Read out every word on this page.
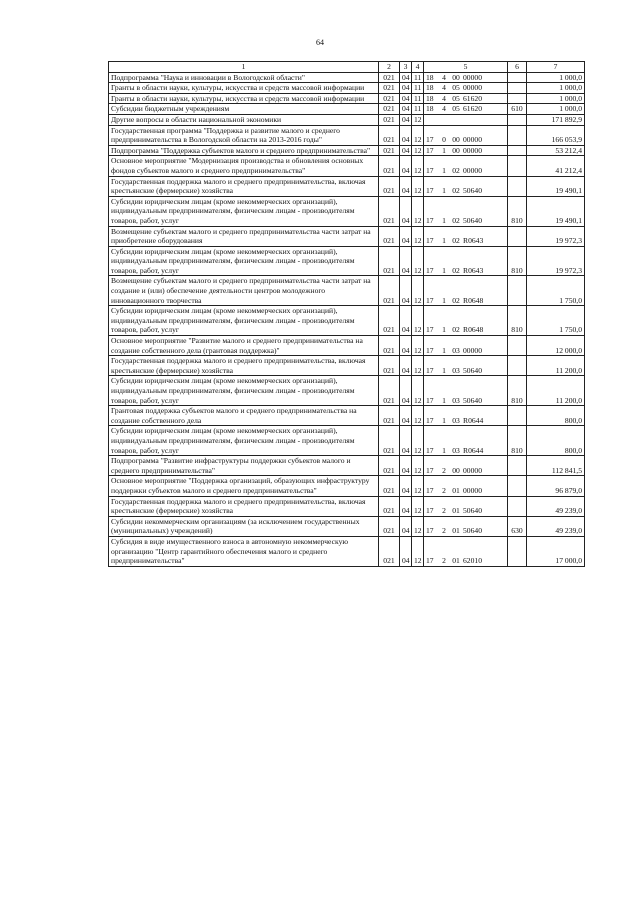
64
1	2	3	4	5	6	7
Подпрограмма "Наука и инновации в Вологодской области"	021	04	11	18 4 00 00000		1 000,0
Гранты в области науки, культуры, искусства и средств массовой информации	021	04	11	18 4 05 00000		1 000,0
Гранты в области науки, культуры, искусства и средств массовой информации	021	04	11	18 4 05 61620		1 000,0
Субсидии бюджетным учреждениям	021	04	11	18 4 05 61620	610	1 000,0
Другие вопросы в области национальной экономики	021	04	12			171 892,9
Государственная программа "Поддержка и развитие малого и среднего предпринимательства в Вологодской области на 2013-2016 годы"	021	04	12	17 0 00 00000		166 053,9
Подпрограмма "Поддержка субъектов малого и среднего предпринимательства"	021	04	12	17 1 00 00000		53 212,4
Основное мероприятие "Модернизация производства и обновления основных фондов субъектов малого и среднего предпринимательства"	021	04	12	17 1 02 00000		41 212,4
Государственная поддержка малого и среднего предпринимательства, включая крестьянские (фермерские) хозяйства	021	04	12	17 1 02 50640		19 490,1
Субсидии юридическим лицам (кроме некоммерческих организаций), индивидуальным предпринимателям, физическим лицам - производителям товаров, работ, услуг	021	04	12	17 1 02 50640	810	19 490,1
Возмещение субъектам малого и среднего предпринимательства части затрат на приобретение оборудования	021	04	12	17 1 02 R0643		19 972,3
Субсидии юридическим лицам (кроме некоммерческих организаций), индивидуальным предпринимателям, физическим лицам - производителям товаров, работ, услуг	021	04	12	17 1 02 R0643	810	19 972,3
Возмещение субъектам малого и среднего предпринимательства части затрат на создание и (или) обеспечение деятельности центров молодежного инновационного творчества	021	04	12	17 1 02 R0648		1 750,0
Субсидии юридическим лицам (кроме некоммерческих организаций), индивидуальным предпринимателям, физическим лицам - производителям товаров, работ, услуг	021	04	12	17 1 02 R0648	810	1 750,0
Основное мероприятие "Развитие малого и среднего предпринимательства на создание собственного дела (грантовая поддержка)"	021	04	12	17 1 03 00000		12 000,0
Государственная поддержка малого и среднего предпринимательства, включая крестьянские (фермерские) хозяйства	021	04	12	17 1 03 50640		11 200,0
Субсидии юридическим лицам (кроме некоммерческих организаций), индивидуальным предпринимателям, физическим лицам - производителям товаров, работ, услуг	021	04	12	17 1 03 50640	810	11 200,0
Грантовая поддержка субъектов малого и среднего предпринимательства на создание собственного дела	021	04	12	17 1 03 R0644		800,0
Субсидии юридическим лицам (кроме некоммерческих организаций), индивидуальным предпринимателям, физическим лицам - производителям товаров, работ, услуг	021	04	12	17 1 03 R0644	810	800,0
Подпрограмма "Развитие инфраструктуры поддержки субъектов малого и среднего предпринимательства"	021	04	12	17 2 00 00000		112 841,5
Основное мероприятие "Поддержка организаций, образующих инфраструктуру поддержки субъектов малого и среднего предпринимательства"	021	04	12	17 2 01 00000		96 879,0
Государственная поддержка малого и среднего предпринимательства, включая крестьянские (фермерские) хозяйства	021	04	12	17 2 01 50640		49 239,0
Субсидии некоммерческим организациям (за исключением государственных (муниципальных) учреждений)	021	04	12	17 2 01 50640	630	49 239,0
Субсидия в виде имущественного взноса в автономную некоммерческую организацию "Центр гарантийного обеспечения малого и среднего предпринимательства"	021	04	12	17 2 01 62010		17 000,0
